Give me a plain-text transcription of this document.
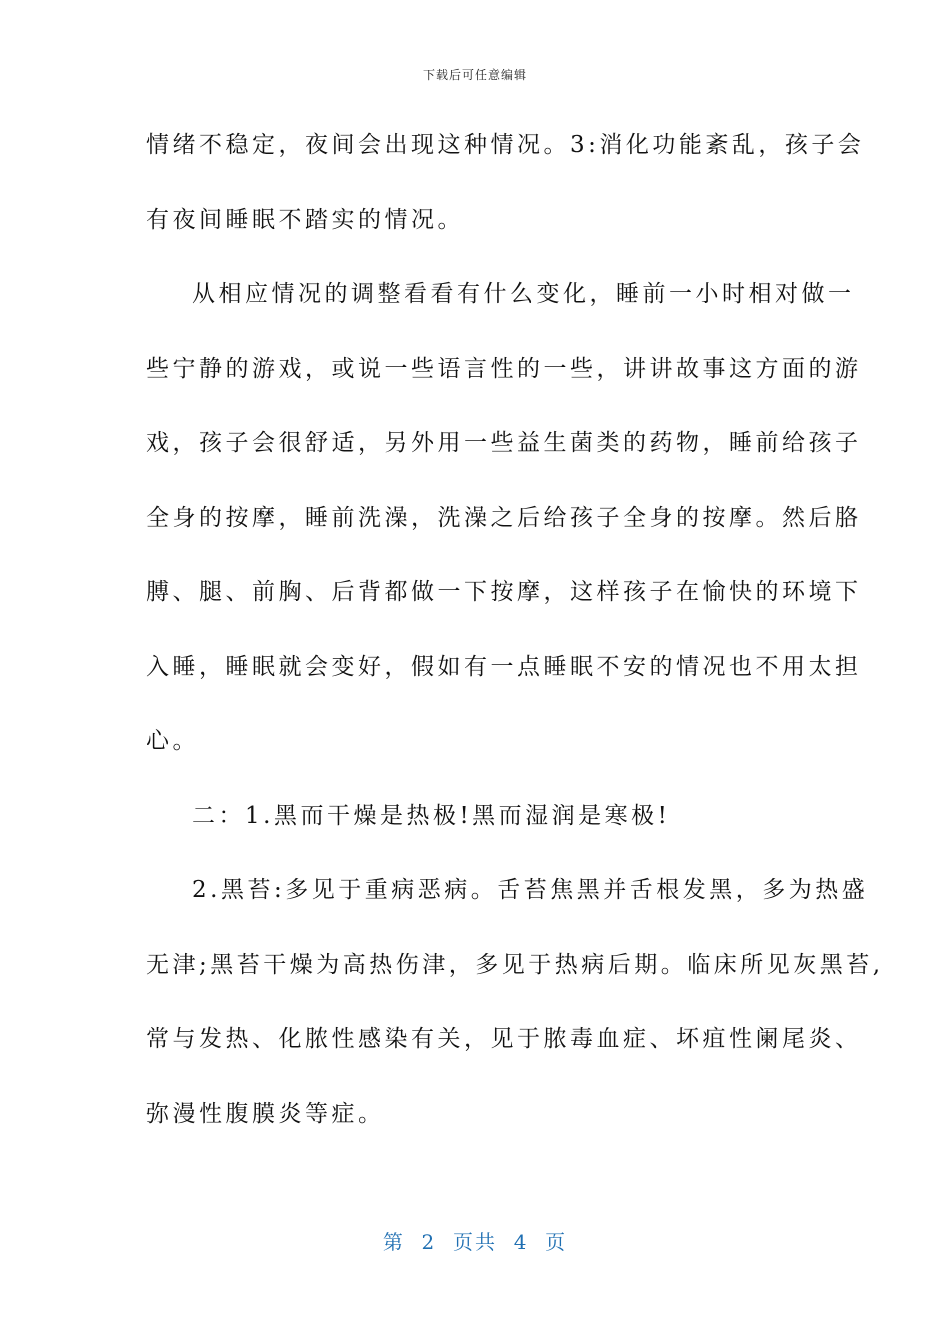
下载后可任意编辑
情绪不稳定，夜间会出现这种情况。3:消化功能紊乱，孩子会
有夜间睡眠不踏实的情况。
从相应情况的调整看看有什么变化，睡前一小时相对做一
些宁静的游戏，或说一些语言性的一些，讲讲故事这方面的游
戏，孩子会很舒适，另外用一些益生菌类的药物，睡前给孩子
全身的按摩，睡前洗澡，洗澡之后给孩子全身的按摩。然后胳
膊、腿、前胸、后背都做一下按摩，这样孩子在愉快的环境下
入睡，睡眠就会变好，假如有一点睡眠不安的情况也不用太担
心。
二：1.黑而干燥是热极!黑而湿润是寒极!
2.黑苔:多见于重病恶病。舌苔焦黑并舌根发黑，多为热盛
无津;黑苔干燥为高热伤津，多见于热病后期。临床所见灰黑苔,
常与发热、化脓性感染有关，见于脓毒血症、坏疽性阑尾炎、
弥漫性腹膜炎等症。
第  2  页共  4  页
